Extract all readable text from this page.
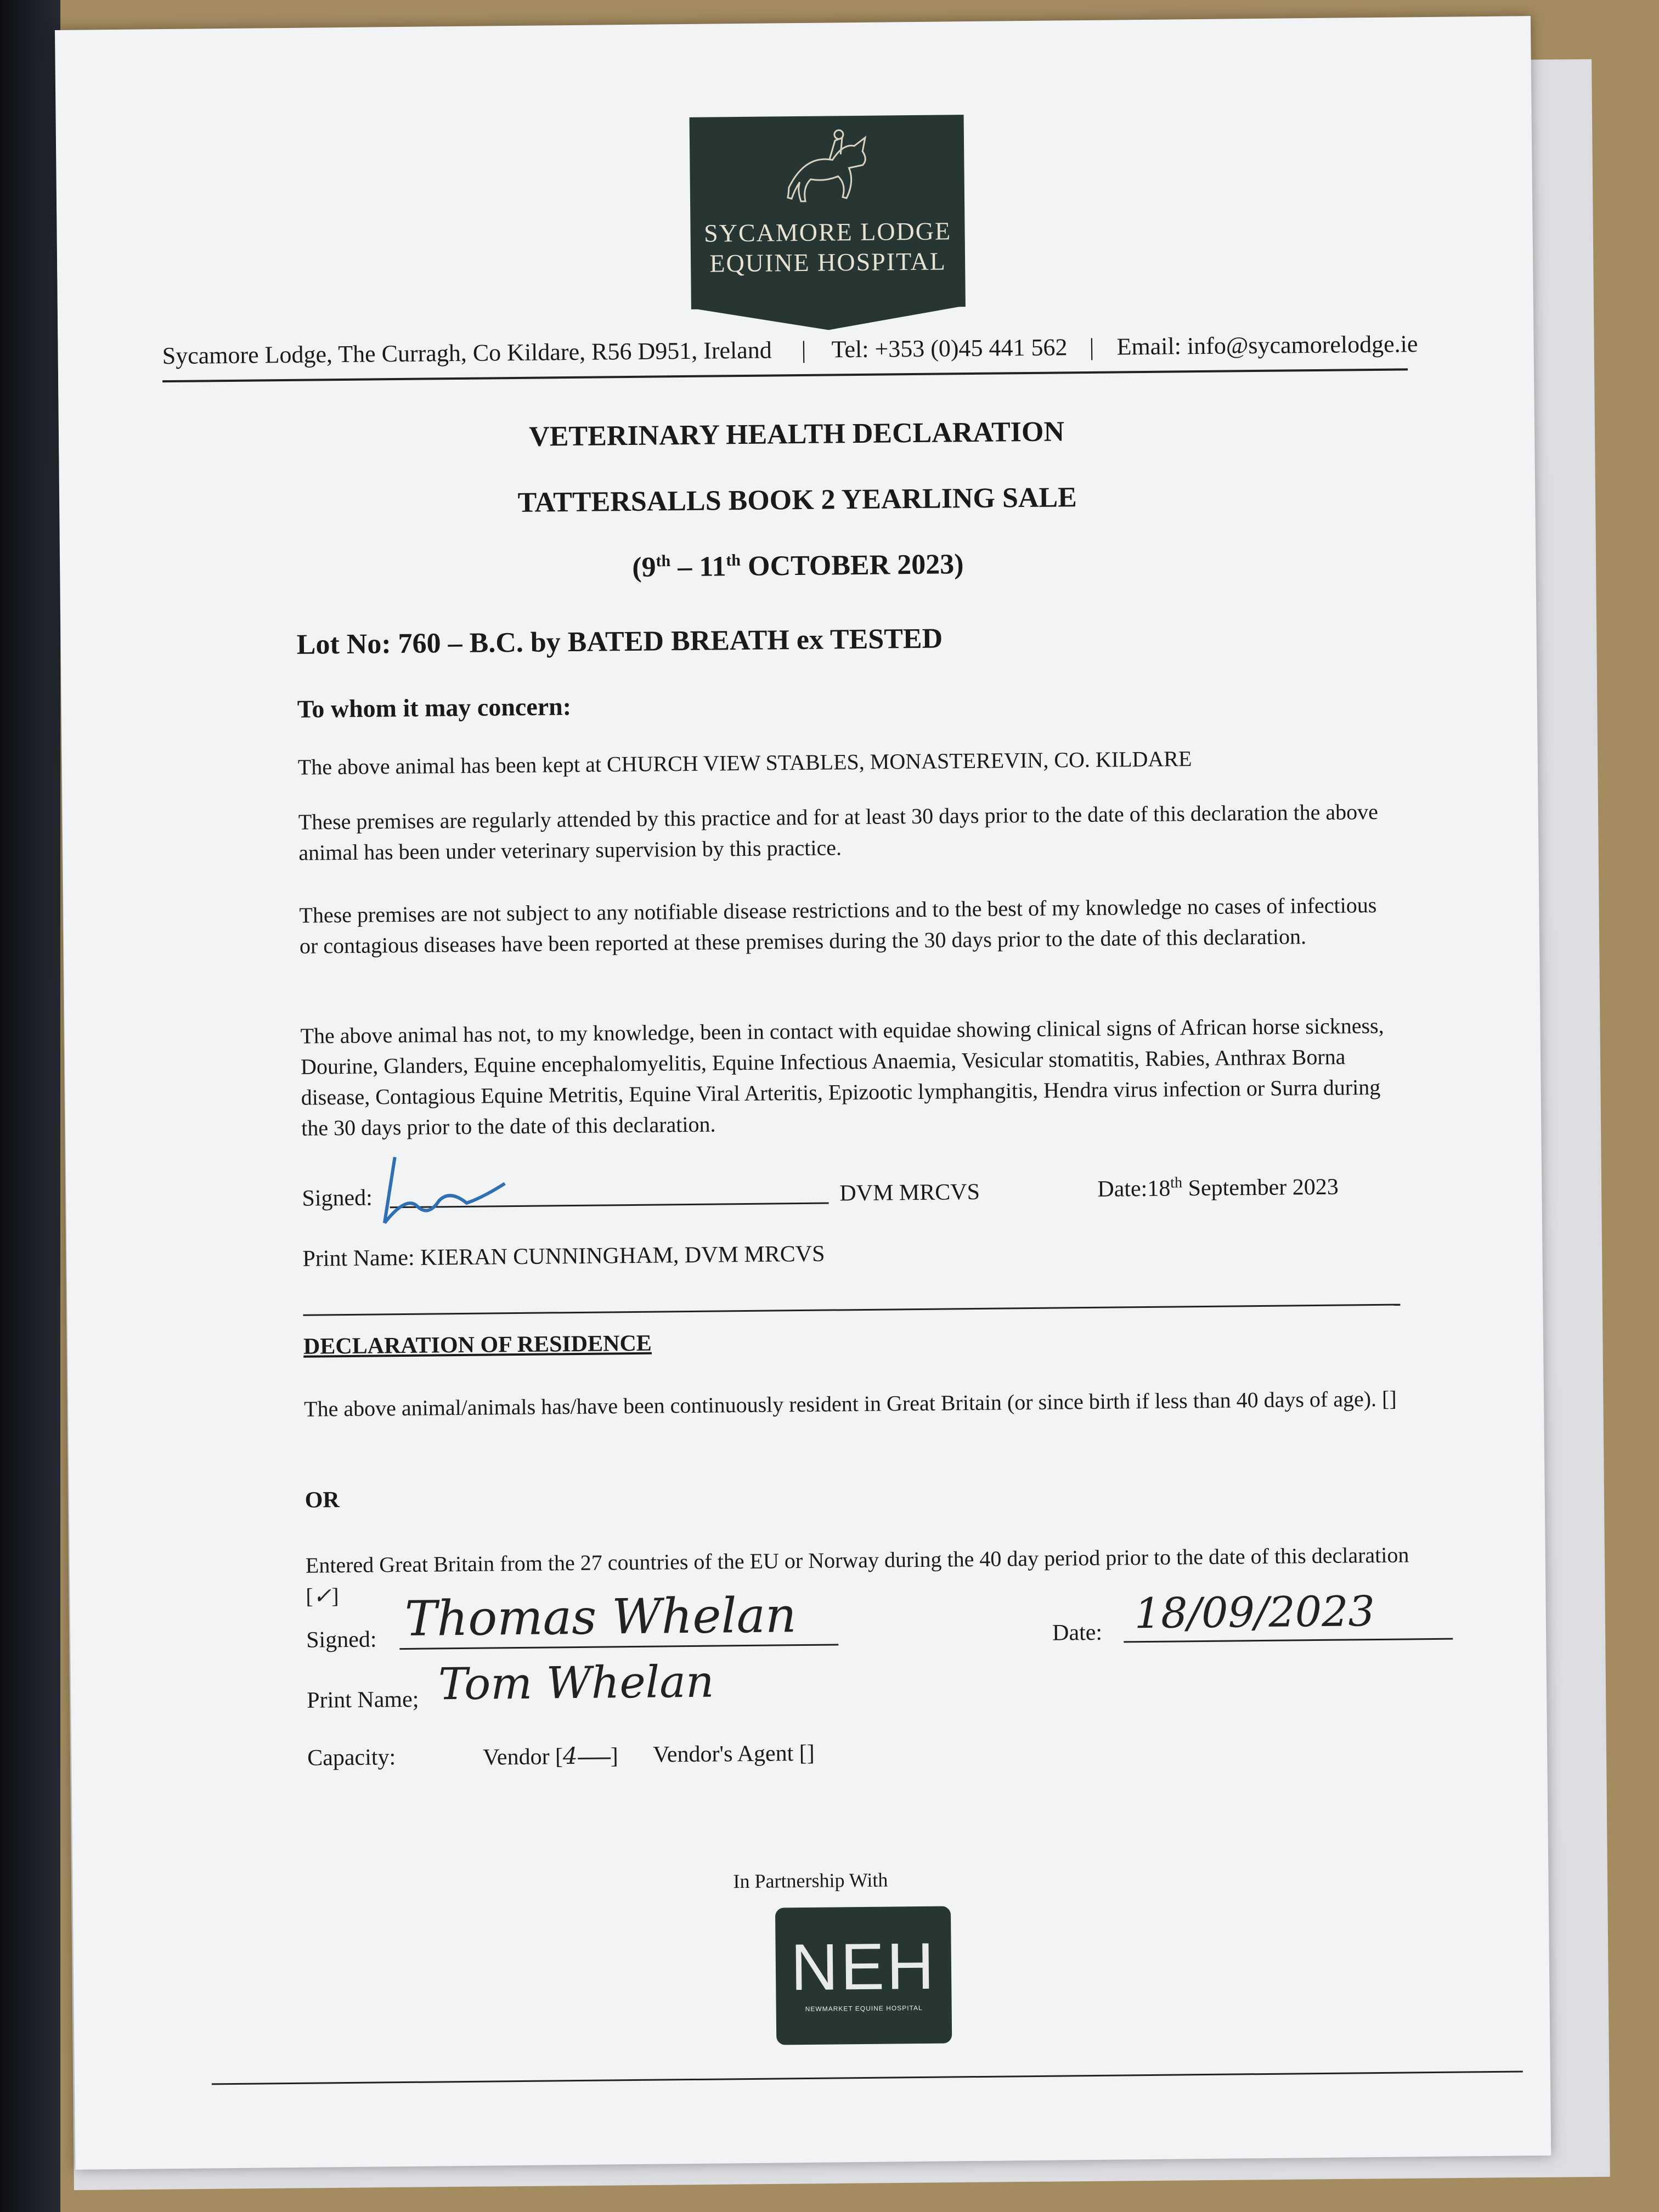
SYCAMORE LODGE
EQUINE HOSPITAL
Sycamore Lodge, The Curragh, Co Kildare, R56 D951, Ireland | Tel: +353 (0)45 441 562 | Email: info@sycamorelodge.ie
VETERINARY HEALTH DECLARATION
TATTERSALLS BOOK 2 YEARLING SALE
(9th – 11th OCTOBER 2023)
Lot No: 760 – B.C. by BATED BREATH ex TESTED
To whom it may concern:
The above animal has been kept at CHURCH VIEW STABLES, MONASTEREVIN, CO. KILDARE
These premises are regularly attended by this practice and for at least 30 days prior to the date of this declaration the above animal has been under veterinary supervision by this practice.
These premises are not subject to any notifiable disease restrictions and to the best of my knowledge no cases of infectious or contagious diseases have been reported at these premises during the 30 days prior to the date of this declaration.
The above animal has not, to my knowledge, been in contact with equidae showing clinical signs of African horse sickness, Dourine, Glanders, Equine encephalomyelitis, Equine Infectious Anaemia, Vesicular stomatitis, Rabies, Anthrax Borna disease, Contagious Equine Metritis, Equine Viral Arteritis, Epizootic lymphangitis, Hendra virus infection or Surra during the 30 days prior to the date of this declaration.
Signed:	DVM MRCVS	Date:18th September 2023
Print Name: KIERAN CUNNINGHAM, DVM MRCVS
DECLARATION OF RESIDENCE
The above animal/animals has/have been continuously resident in Great Britain (or since birth if less than 40 days of age). []
OR
Entered Great Britain from the 27 countries of the EU or Norway during the 40 day period prior to the date of this declaration [✓]
Signed: Thomas Whelan	Date: 18/09/2023
Print Name; Tom Whelan
Capacity:	Vendor [4 ] Vendor's Agent []
In Partnership With
NEH
NEWMARKET EQUINE HOSPITAL
